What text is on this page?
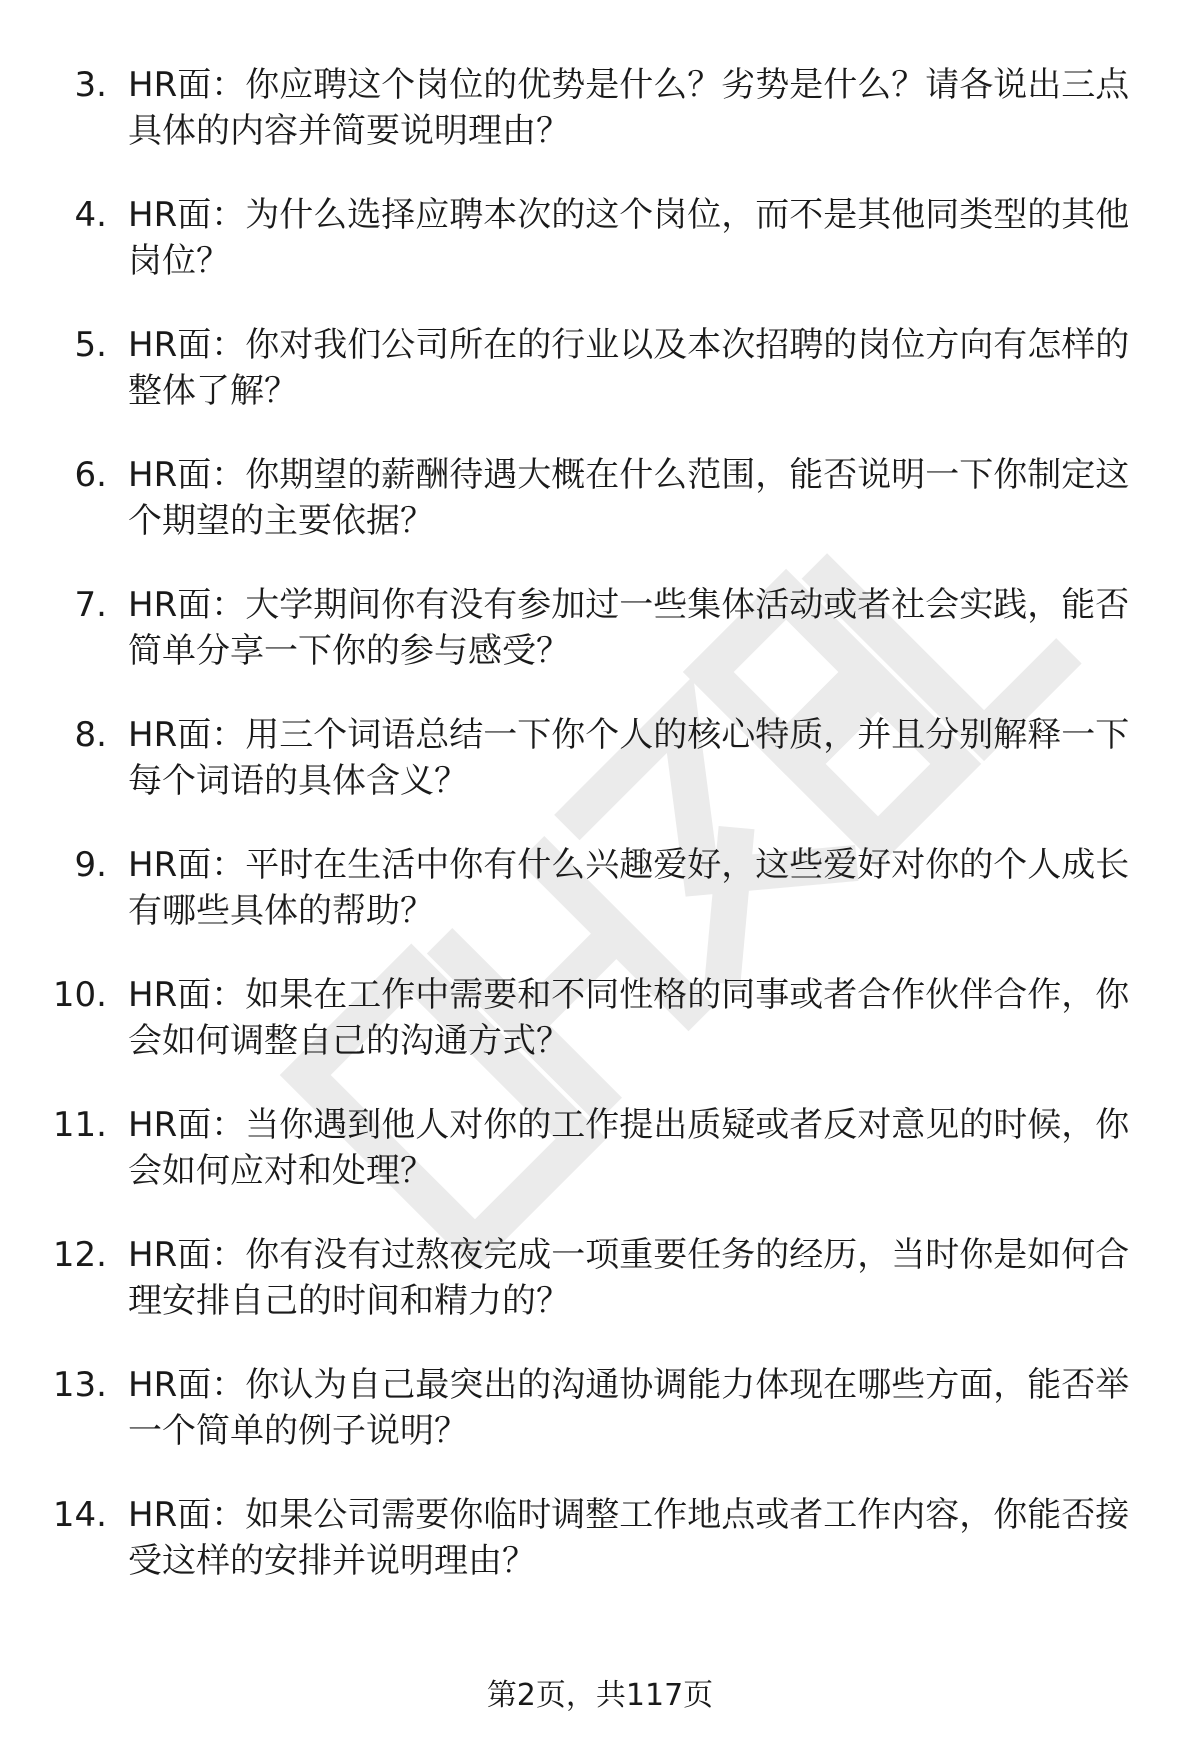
3. HR面：你应聘这个岗位的优势是什么？劣势是什么？请各说出三点具体的内容并简要说明理由？
4. HR面：为什么选择应聘本次的这个岗位，而不是其他同类型的其他岗位？
5. HR面：你对我们公司所在的行业以及本次招聘的岗位方向有怎样的整体了解？
6. HR面：你期望的薪酬待遇大概在什么范围，能否说明一下你制定这个期望的主要依据？
7. HR面：大学期间你有没有参加过一些集体活动或者社会实践，能否简单分享一下你的参与感受？
8. HR面：用三个词语总结一下你个人的核心特质，并且分别解释一下每个词语的具体含义？
9. HR面：平时在生活中你有什么兴趣爱好，这些爱好对你的个人成长有哪些具体的帮助？
10. HR面：如果在工作中需要和不同性格的同事或者合作伙伴合作，你会如何调整自己的沟通方式？
11. HR面：当你遇到他人对你的工作提出质疑或者反对意见的时候，你会如何应对和处理？
12. HR面：你有没有过熬夜完成一项重要任务的经历，当时你是如何合理安排自己的时间和精力的？
13. HR面：你认为自己最突出的沟通协调能力体现在哪些方面，能否举一个简单的例子说明？
14. HR面：如果公司需要你临时调整工作地点或者工作内容，你能否接受这样的安排并说明理由？
第2页，共117页
